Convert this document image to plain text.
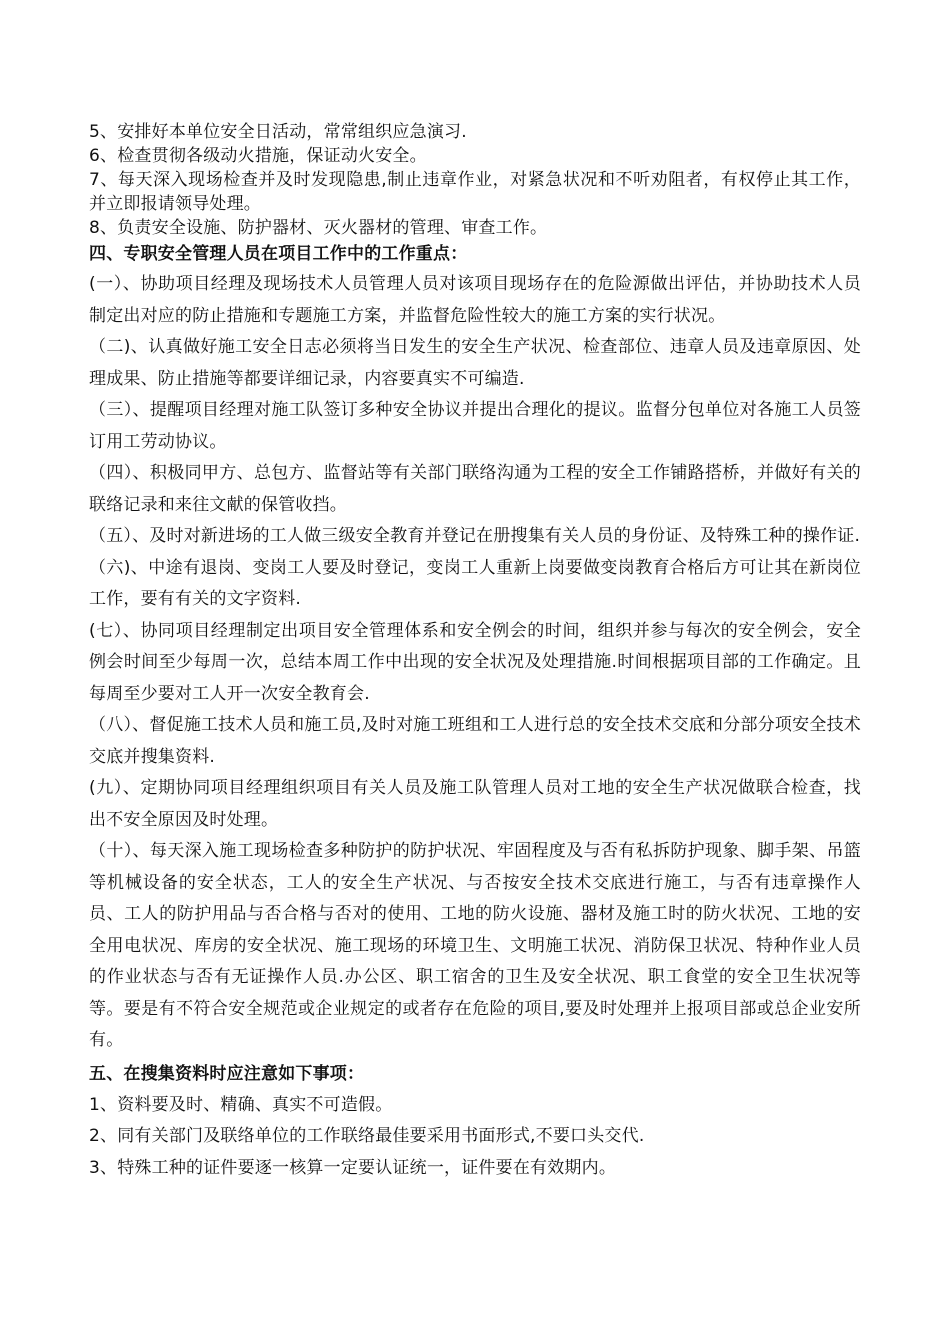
5、安排好本单位安全日活动，常常组织应急演习.
6、检查贯彻各级动火措施，保证动火安全。
7、每天深入现场检查并及时发现隐患,制止违章作业，对紧急状况和不听劝阻者，有权停止其工作，并立即报请领导处理。
8、负责安全设施、防护器材、灭火器材的管理、审查工作。
四、专职安全管理人员在项目工作中的工作重点：
(一）、协助项目经理及现场技术人员管理人员对该项目现场存在的危险源做出评估，并协助技术人员制定出对应的防止措施和专题施工方案，并监督危险性较大的施工方案的实行状况。
（二)、认真做好施工安全日志必须将当日发生的安全生产状况、检查部位、违章人员及违章原因、处理成果、防止措施等都要详细记录，内容要真实不可编造.
（三）、提醒项目经理对施工队签订多种安全协议并提出合理化的提议。监督分包单位对各施工人员签订用工劳动协议。
（四）、积极同甲方、总包方、监督站等有关部门联络沟通为工程的安全工作铺路搭桥，并做好有关的联络记录和来往文献的保管收挡。
（五）、及时对新进场的工人做三级安全教育并登记在册搜集有关人员的身份证、及特殊工种的操作证.
（六)、中途有退岗、变岗工人要及时登记，变岗工人重新上岗要做变岗教育合格后方可让其在新岗位工作，要有有关的文字资料.
(七）、协同项目经理制定出项目安全管理体系和安全例会的时间，组织并参与每次的安全例会，安全例会时间至少每周一次，总结本周工作中出现的安全状况及处理措施.时间根据项目部的工作确定。且每周至少要对工人开一次安全教育会.
（八）、督促施工技术人员和施工员,及时对施工班组和工人进行总的安全技术交底和分部分项安全技术交底并搜集资料.
(九）、定期协同项目经理组织项目有关人员及施工队管理人员对工地的安全生产状况做联合检查，找出不安全原因及时处理。
（十）、每天深入施工现场检查多种防护的防护状况、牢固程度及与否有私拆防护现象、脚手架、吊篮等机械设备的安全状态，工人的安全生产状况、与否按安全技术交底进行施工，与否有违章操作人员、工人的防护用品与否合格与否对的使用、工地的防火设施、器材及施工时的防火状况、工地的安全用电状况、库房的安全状况、施工现场的环境卫生、文明施工状况、消防保卫状况、特种作业人员的作业状态与否有无证操作人员.办公区、职工宿舍的卫生及安全状况、职工食堂的安全卫生状况等等。要是有不符合安全规范或企业规定的或者存在危险的项目,要及时处理并上报项目部或总企业安所有。
五、在搜集资料时应注意如下事项：
1、资料要及时、精确、真实不可造假。
2、同有关部门及联络单位的工作联络最佳要采用书面形式,不要口头交代.
3、特殊工种的证件要逐一核算一定要认证统一，证件要在有效期内。
